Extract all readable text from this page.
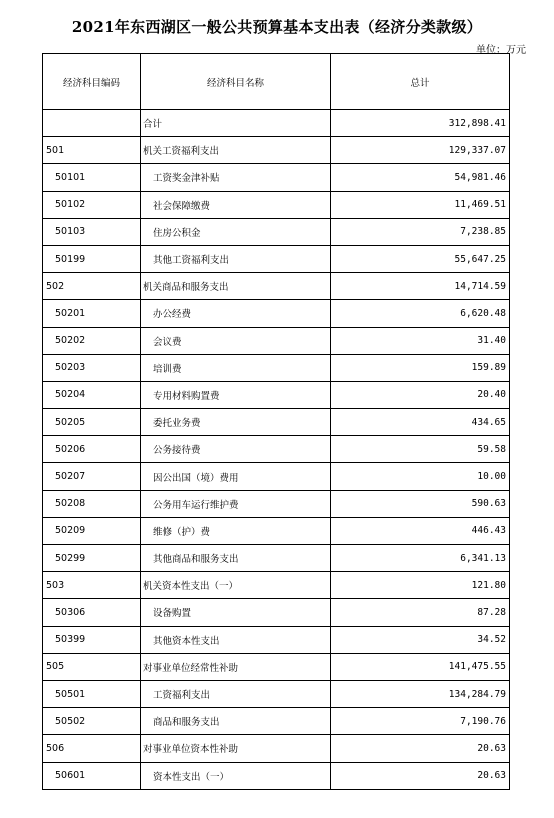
2021年东西湖区一般公共预算基本支出表（经济分类款级）
单位：万元
经济科目编码	经济科目名称	总计
	合计	312,898.41
501	机关工资福利支出	129,337.07
50101	工资奖金津补贴	54,981.46
50102	社会保障缴费	11,469.51
50103	住房公积金	7,238.85
50199	其他工资福利支出	55,647.25
502	机关商品和服务支出	14,714.59
50201	办公经费	6,620.48
50202	会议费	31.40
50203	培训费	159.89
50204	专用材料购置费	20.40
50205	委托业务费	434.65
50206	公务接待费	59.58
50207	因公出国（境）费用	10.00
50208	公务用车运行维护费	590.63
50209	维修（护）费	446.43
50299	其他商品和服务支出	6,341.13
503	机关资本性支出（一）	121.80
50306	设备购置	87.28
50399	其他资本性支出	34.52
505	对事业单位经常性补助	141,475.55
50501	工资福利支出	134,284.79
50502	商品和服务支出	7,190.76
506	对事业单位资本性补助	20.63
50601	资本性支出（一）	20.63
